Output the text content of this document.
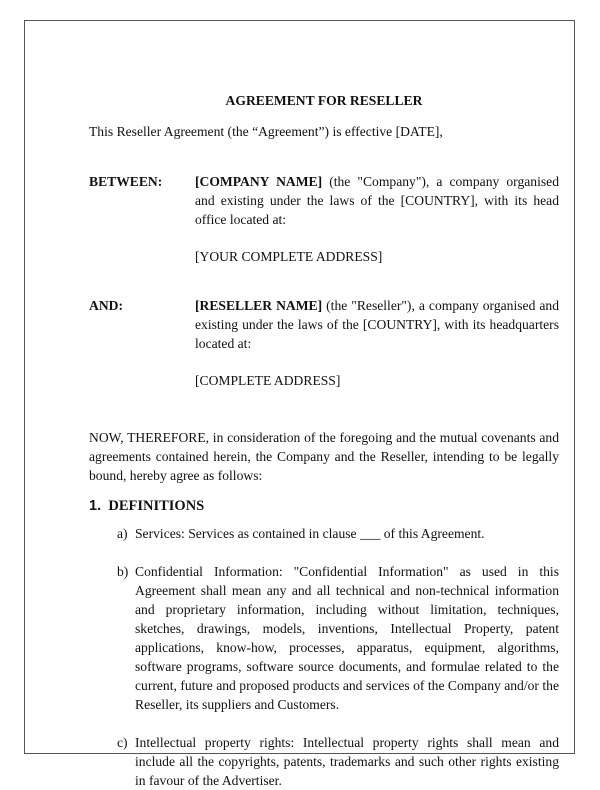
AGREEMENT FOR RESELLER

This Reseller Agreement (the “Agreement”) is effective [DATE],
BETWEEN:	[COMPANY NAME] (the "Company"), a company organised and existing under the laws of the [COUNTRY], with its head office located at:
[YOUR COMPLETE ADDRESS]
AND:	[RESELLER NAME] (the "Reseller"), a company organised and existing under the laws of the [COUNTRY], with its headquarters located at:
[COMPLETE ADDRESS]
NOW, THEREFORE, in consideration of the foregoing and the mutual covenants and agreements contained herein, the Company and the Reseller, intending to be legally bound, hereby agree as follows:
1. DEFINITIONS
a) Services: Services as contained in clause ___ of this Agreement.
b) Confidential Information: "Confidential Information" as used in this Agreement shall mean any and all technical and non-technical information and proprietary information, including without limitation, techniques, sketches, drawings, models, inventions, Intellectual Property, patent applications, know-how, processes, apparatus, equipment, algorithms, software programs, software source documents, and formulae related to the current, future and proposed products and services of the Company and/or the Reseller, its suppliers and Customers.
c) Intellectual property rights: Intellectual property rights shall mean and include all the copyrights, patents, trademarks and such other rights existing in favour of the Advertiser.
